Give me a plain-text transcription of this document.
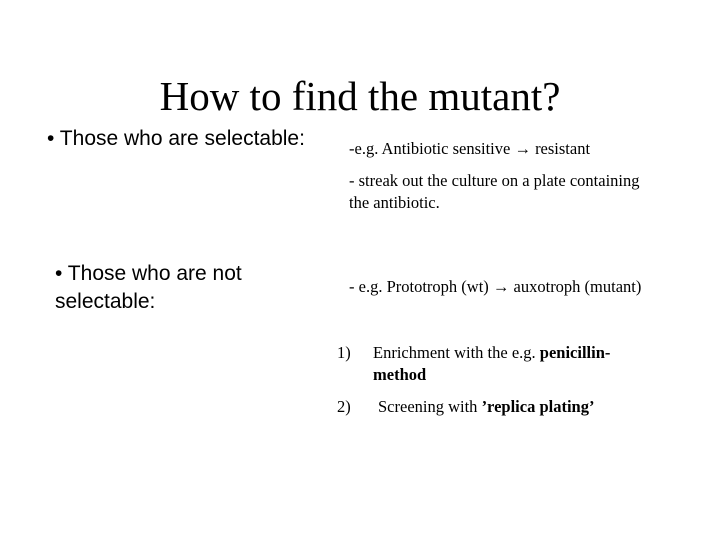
How to find the mutant?
• Those who are selectable:	-e.g. Antibiotic sensitive → resistant
- streak out the culture on a plate containing
the antibiotic.
• Those who are not
selectable:
- e.g. Prototroph (wt) → auxotroph (mutant)
1) Enrichment with the e.g. penicillin-
method
2) Screening with ’replica plating’
